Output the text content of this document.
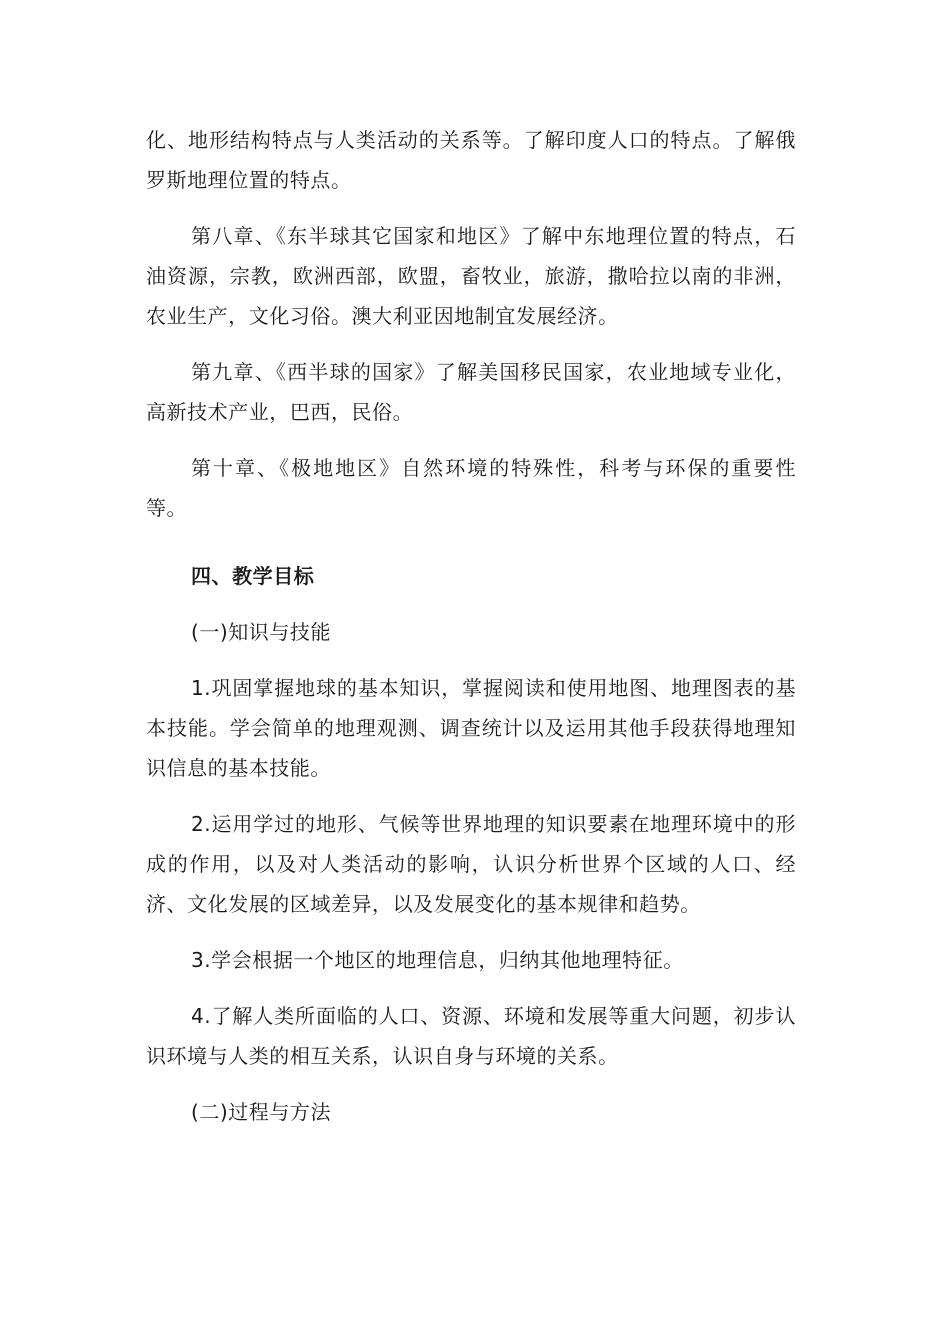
化、地形结构特点与人类活动的关系等。了解印度人口的特点。了解俄罗斯地理位置的特点。

第八章、《东半球其它国家和地区》了解中东地理位置的特点，石油资源，宗教，欧洲西部，欧盟，畜牧业，旅游，撒哈拉以南的非洲，农业生产，文化习俗。澳大利亚因地制宜发展经济。

第九章、《西半球的国家》了解美国移民国家，农业地域专业化，高新技术产业，巴西，民俗。

第十章、《极地地区》自然环境的特殊性，科考与环保的重要性等。

四、教学目标

(一)知识与技能

1.巩固掌握地球的基本知识，掌握阅读和使用地图、地理图表的基本技能。学会简单的地理观测、调查统计以及运用其他手段获得地理知识信息的基本技能。

2.运用学过的地形、气候等世界地理的知识要素在地理环境中的形成的作用，以及对人类活动的影响，认识分析世界个区域的人口、经济、文化发展的区域差异，以及发展变化的基本规律和趋势。

3.学会根据一个地区的地理信息，归纳其他地理特征。

4.了解人类所面临的人口、资源、环境和发展等重大问题，初步认识环境与人类的相互关系，认识自身与环境的关系。

(二)过程与方法
